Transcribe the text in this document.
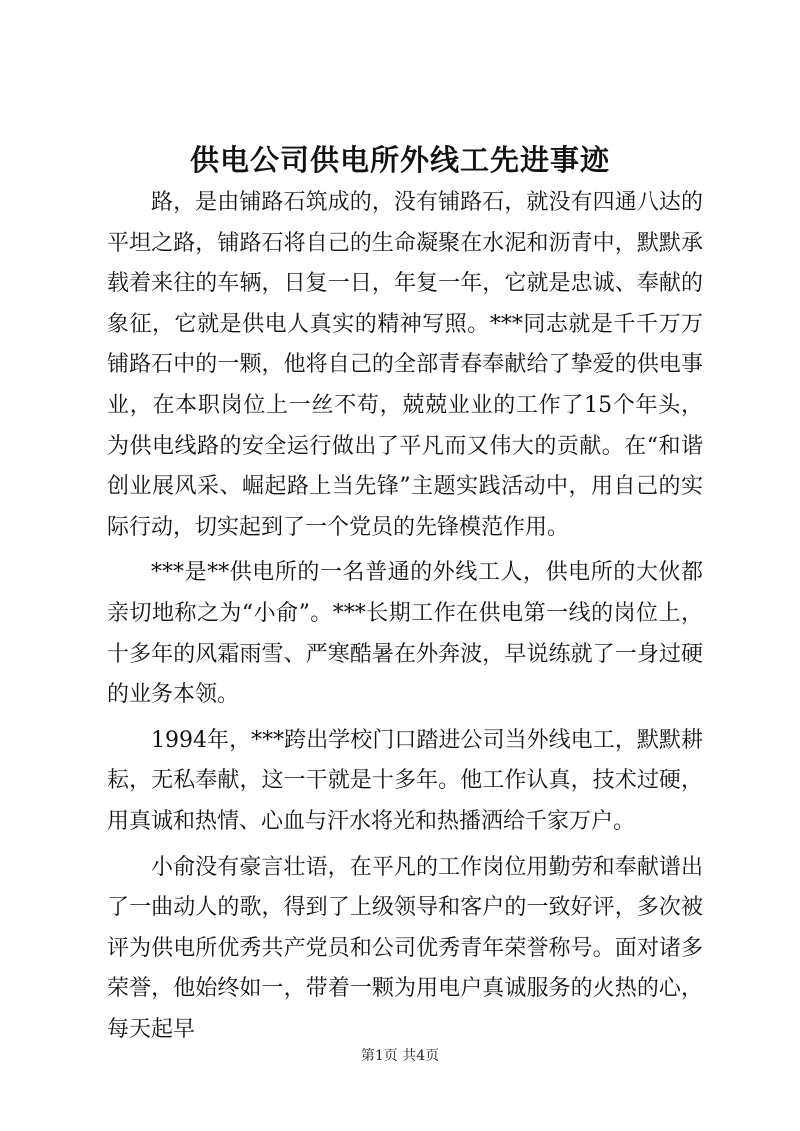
供电公司供电所外线工先进事迹

路，是由铺路石筑成的，没有铺路石，就没有四通八达的平坦之路，铺路石将自己的生命凝聚在水泥和沥青中，默默承载着来往的车辆，日复一日，年复一年，它就是忠诚、奉献的象征，它就是供电人真实的精神写照。***同志就是千千万万铺路石中的一颗，他将自己的全部青春奉献给了挚爱的供电事业，在本职岗位上一丝不苟，兢兢业业的工作了15个年头，为供电线路的安全运行做出了平凡而又伟大的贡献。在“和谐创业展风采、崛起路上当先锋”主题实践活动中，用自己的实际行动，切实起到了一个党员的先锋模范作用。

***是**供电所的一名普通的外线工人，供电所的大伙都亲切地称之为“小俞”。***长期工作在供电第一线的岗位上，十多年的风霜雨雪、严寒酷暑在外奔波，早说练就了一身过硬的业务本领。

1994年，***跨出学校门口踏进公司当外线电工，默默耕耘，无私奉献，这一干就是十多年。他工作认真，技术过硬，用真诚和热情、心血与汗水将光和热播洒给千家万户。

小俞没有豪言壮语，在平凡的工作岗位用勤劳和奉献谱出了一曲动人的歌，得到了上级领导和客户的一致好评，多次被评为供电所优秀共产党员和公司优秀青年荣誉称号。面对诸多荣誉，他始终如一，带着一颗为用电户真诚服务的火热的心，每天起早

第1页 共4页
